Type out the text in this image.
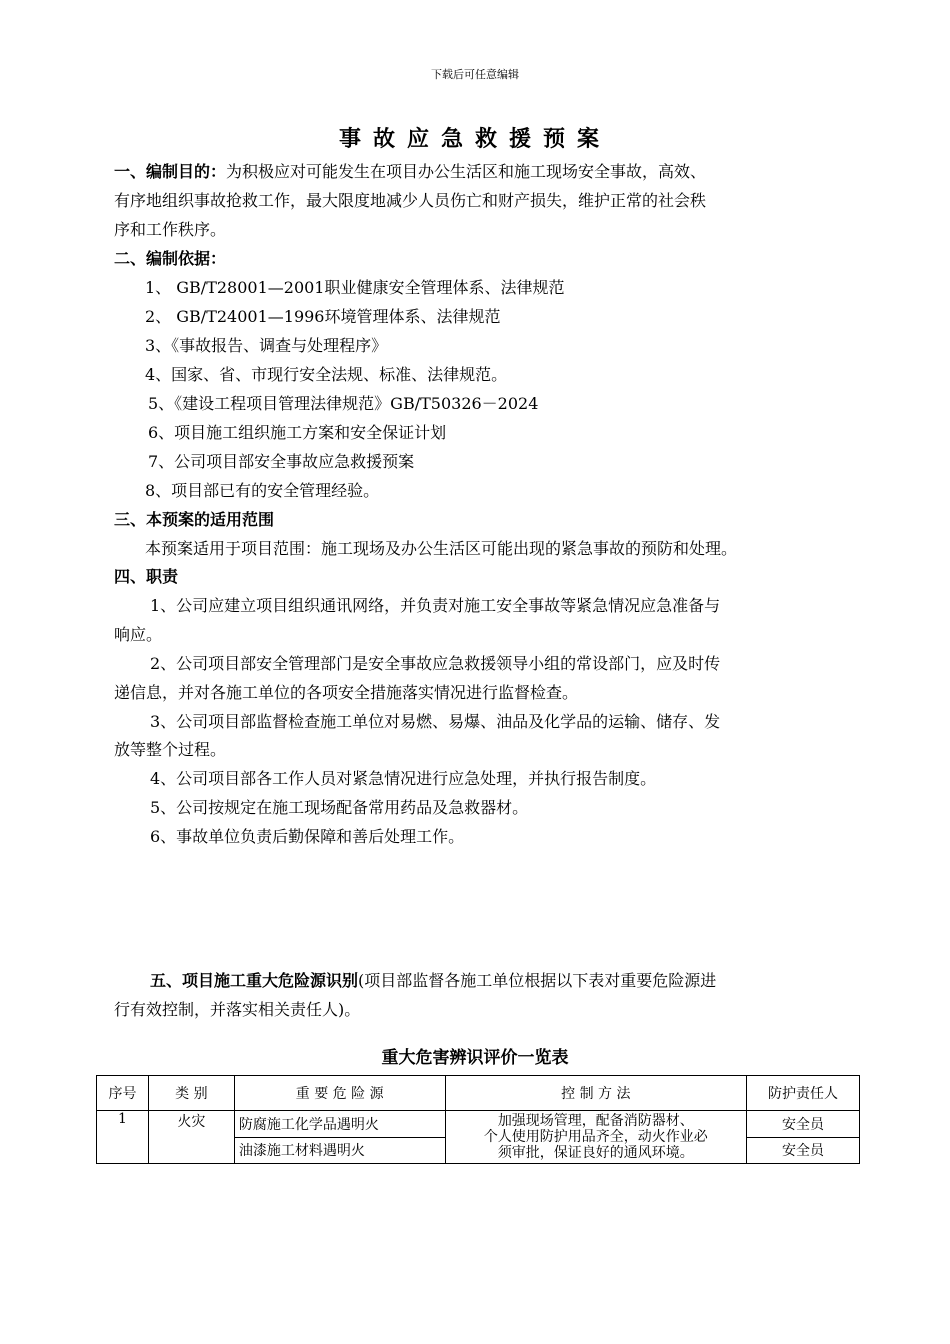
下载后可任意编辑
事故应急救援预案
一、编制目的：为积极应对可能发生在项目办公生活区和施工现场安全事故，高效、
有序地组织事故抢救工作，最大限度地减少人员伤亡和财产损失，维护正常的社会秩
序和工作秩序。
二、编制依据：
1、 GB/T28001—2001职业健康安全管理体系、法律规范
2、 GB/T24001—1996环境管理体系、法律规范
3、《事故报告、调查与处理程序》
4、国家、省、市现行安全法规、标准、法律规范。
5、《建设工程项目管理法律规范》GB/T50326－2024
6、项目施工组织施工方案和安全保证计划
7、公司项目部安全事故应急救援预案
8、项目部已有的安全管理经验。
三、本预案的适用范围
本预案适用于项目范围：施工现场及办公生活区可能出现的紧急事故的预防和处理。
四、职责
1、公司应建立项目组织通讯网络，并负责对施工安全事故等紧急情况应急准备与
响应。
2、公司项目部安全管理部门是安全事故应急救援领导小组的常设部门，应及时传
递信息，并对各施工单位的各项安全措施落实情况进行监督检查。
3、公司项目部监督检查施工单位对易燃、易爆、油品及化学品的运输、储存、发
放等整个过程。
4、公司项目部各工作人员对紧急情况进行应急处理，并执行报告制度。
5、公司按规定在施工现场配备常用药品及急救器材。
6、事故单位负责后勤保障和善后处理工作。
五、项目施工重大危险源识别(项目部监督各施工单位根据以下表对重要危险源进
行有效控制，并落实相关责任人)。
重大危害辨识评价一览表
序号	类 别	重 要 危 险 源	控 制 方 法	防护责任人
1	火灾	防腐施工化学品遇明火	加强现场管理，配备消防器材、
个人使用防护用品齐全，动火作业必
须审批，保证良好的通风环境。	安全员
		油漆施工材料遇明火		安全员
